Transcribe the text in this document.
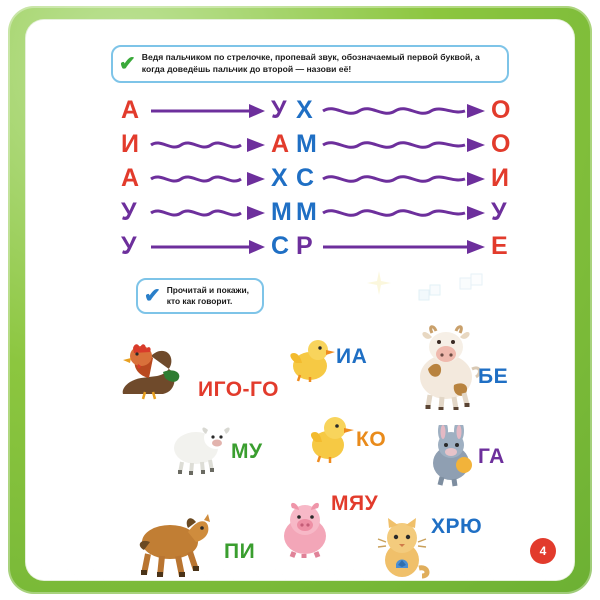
✔ Ведя пальчиком по стрелочке, пропевай звук, обозначаемый первой буквой, а когда доведёшь пальчик до второй — назови её!
А	У Х	О
И	А М	О
А	Х С	И
У	М М	У
У	С Р	Е
✔ Прочитай и покажи, кто как говорит.
ИГО-ГО
ИА
БЕ
МУ
КО
ГА
ПИ
МЯУ
ХРЮ
4
